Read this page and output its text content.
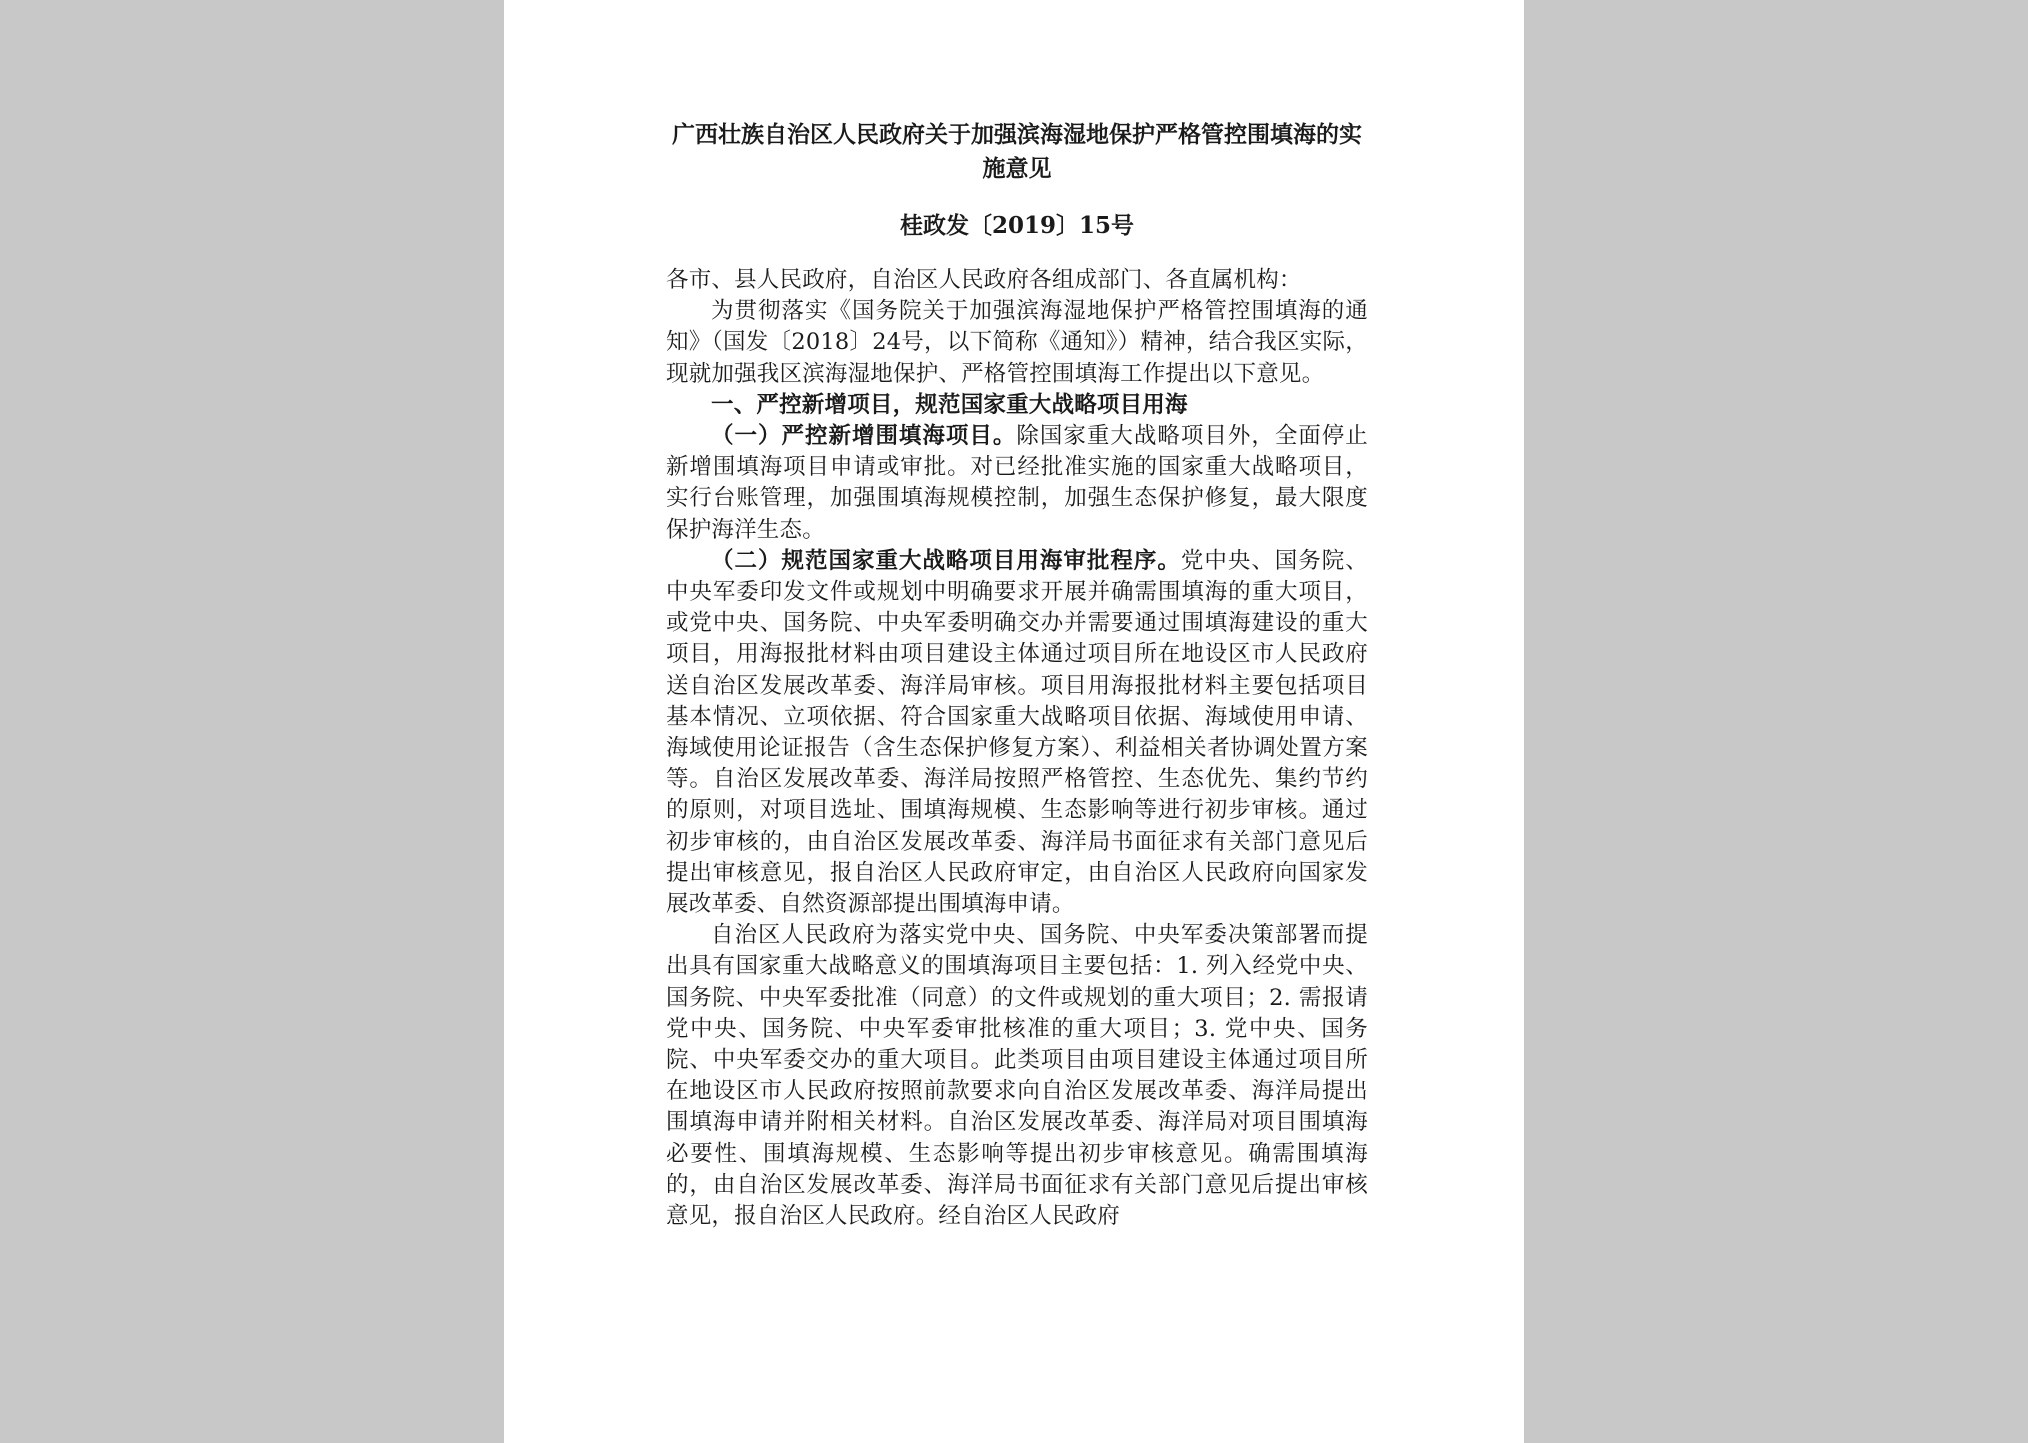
广西壮族自治区人民政府关于加强滨海湿地保护严格管控围填海的实施意见

桂政发〔2019〕15号

各市、县人民政府，自治区人民政府各组成部门、各直属机构：

为贯彻落实《国务院关于加强滨海湿地保护严格管控围填海的通知》（国发〔2018〕24号，以下简称《通知》）精神，结合我区实际，现就加强我区滨海湿地保护、严格管控围填海工作提出以下意见。

一、严控新增项目，规范国家重大战略项目用海

（一）严控新增围填海项目。除国家重大战略项目外，全面停止新增围填海项目申请或审批。对已经批准实施的国家重大战略项目，实行台账管理，加强围填海规模控制，加强生态保护修复，最大限度保护海洋生态。

（二）规范国家重大战略项目用海审批程序。党中央、国务院、中央军委印发文件或规划中明确要求开展并确需围填海的重大项目，或党中央、国务院、中央军委明确交办并需要通过围填海建设的重大项目，用海报批材料由项目建设主体通过项目所在地设区市人民政府送自治区发展改革委、海洋局审核。项目用海报批材料主要包括项目基本情况、立项依据、符合国家重大战略项目依据、海域使用申请、海域使用论证报告（含生态保护修复方案）、利益相关者协调处置方案等。自治区发展改革委、海洋局按照严格管控、生态优先、集约节约的原则，对项目选址、围填海规模、生态影响等进行初步审核。通过初步审核的，由自治区发展改革委、海洋局书面征求有关部门意见后提出审核意见，报自治区人民政府审定，由自治区人民政府向国家发展改革委、自然资源部提出围填海申请。

自治区人民政府为落实党中央、国务院、中央军委决策部署而提出具有国家重大战略意义的围填海项目主要包括：1. 列入经党中央、国务院、中央军委批准（同意）的文件或规划的重大项目；2. 需报请党中央、国务院、中央军委审批核准的重大项目；3. 党中央、国务院、中央军委交办的重大项目。此类项目由项目建设主体通过项目所在地设区市人民政府按照前款要求向自治区发展改革委、海洋局提出围填海申请并附相关材料。自治区发展改革委、海洋局对项目围填海必要性、围填海规模、生态影响等提出初步审核意见。确需围填海的，由自治区发展改革委、海洋局书面征求有关部门意见后提出审核意见，报自治区人民政府。经自治区人民政府
